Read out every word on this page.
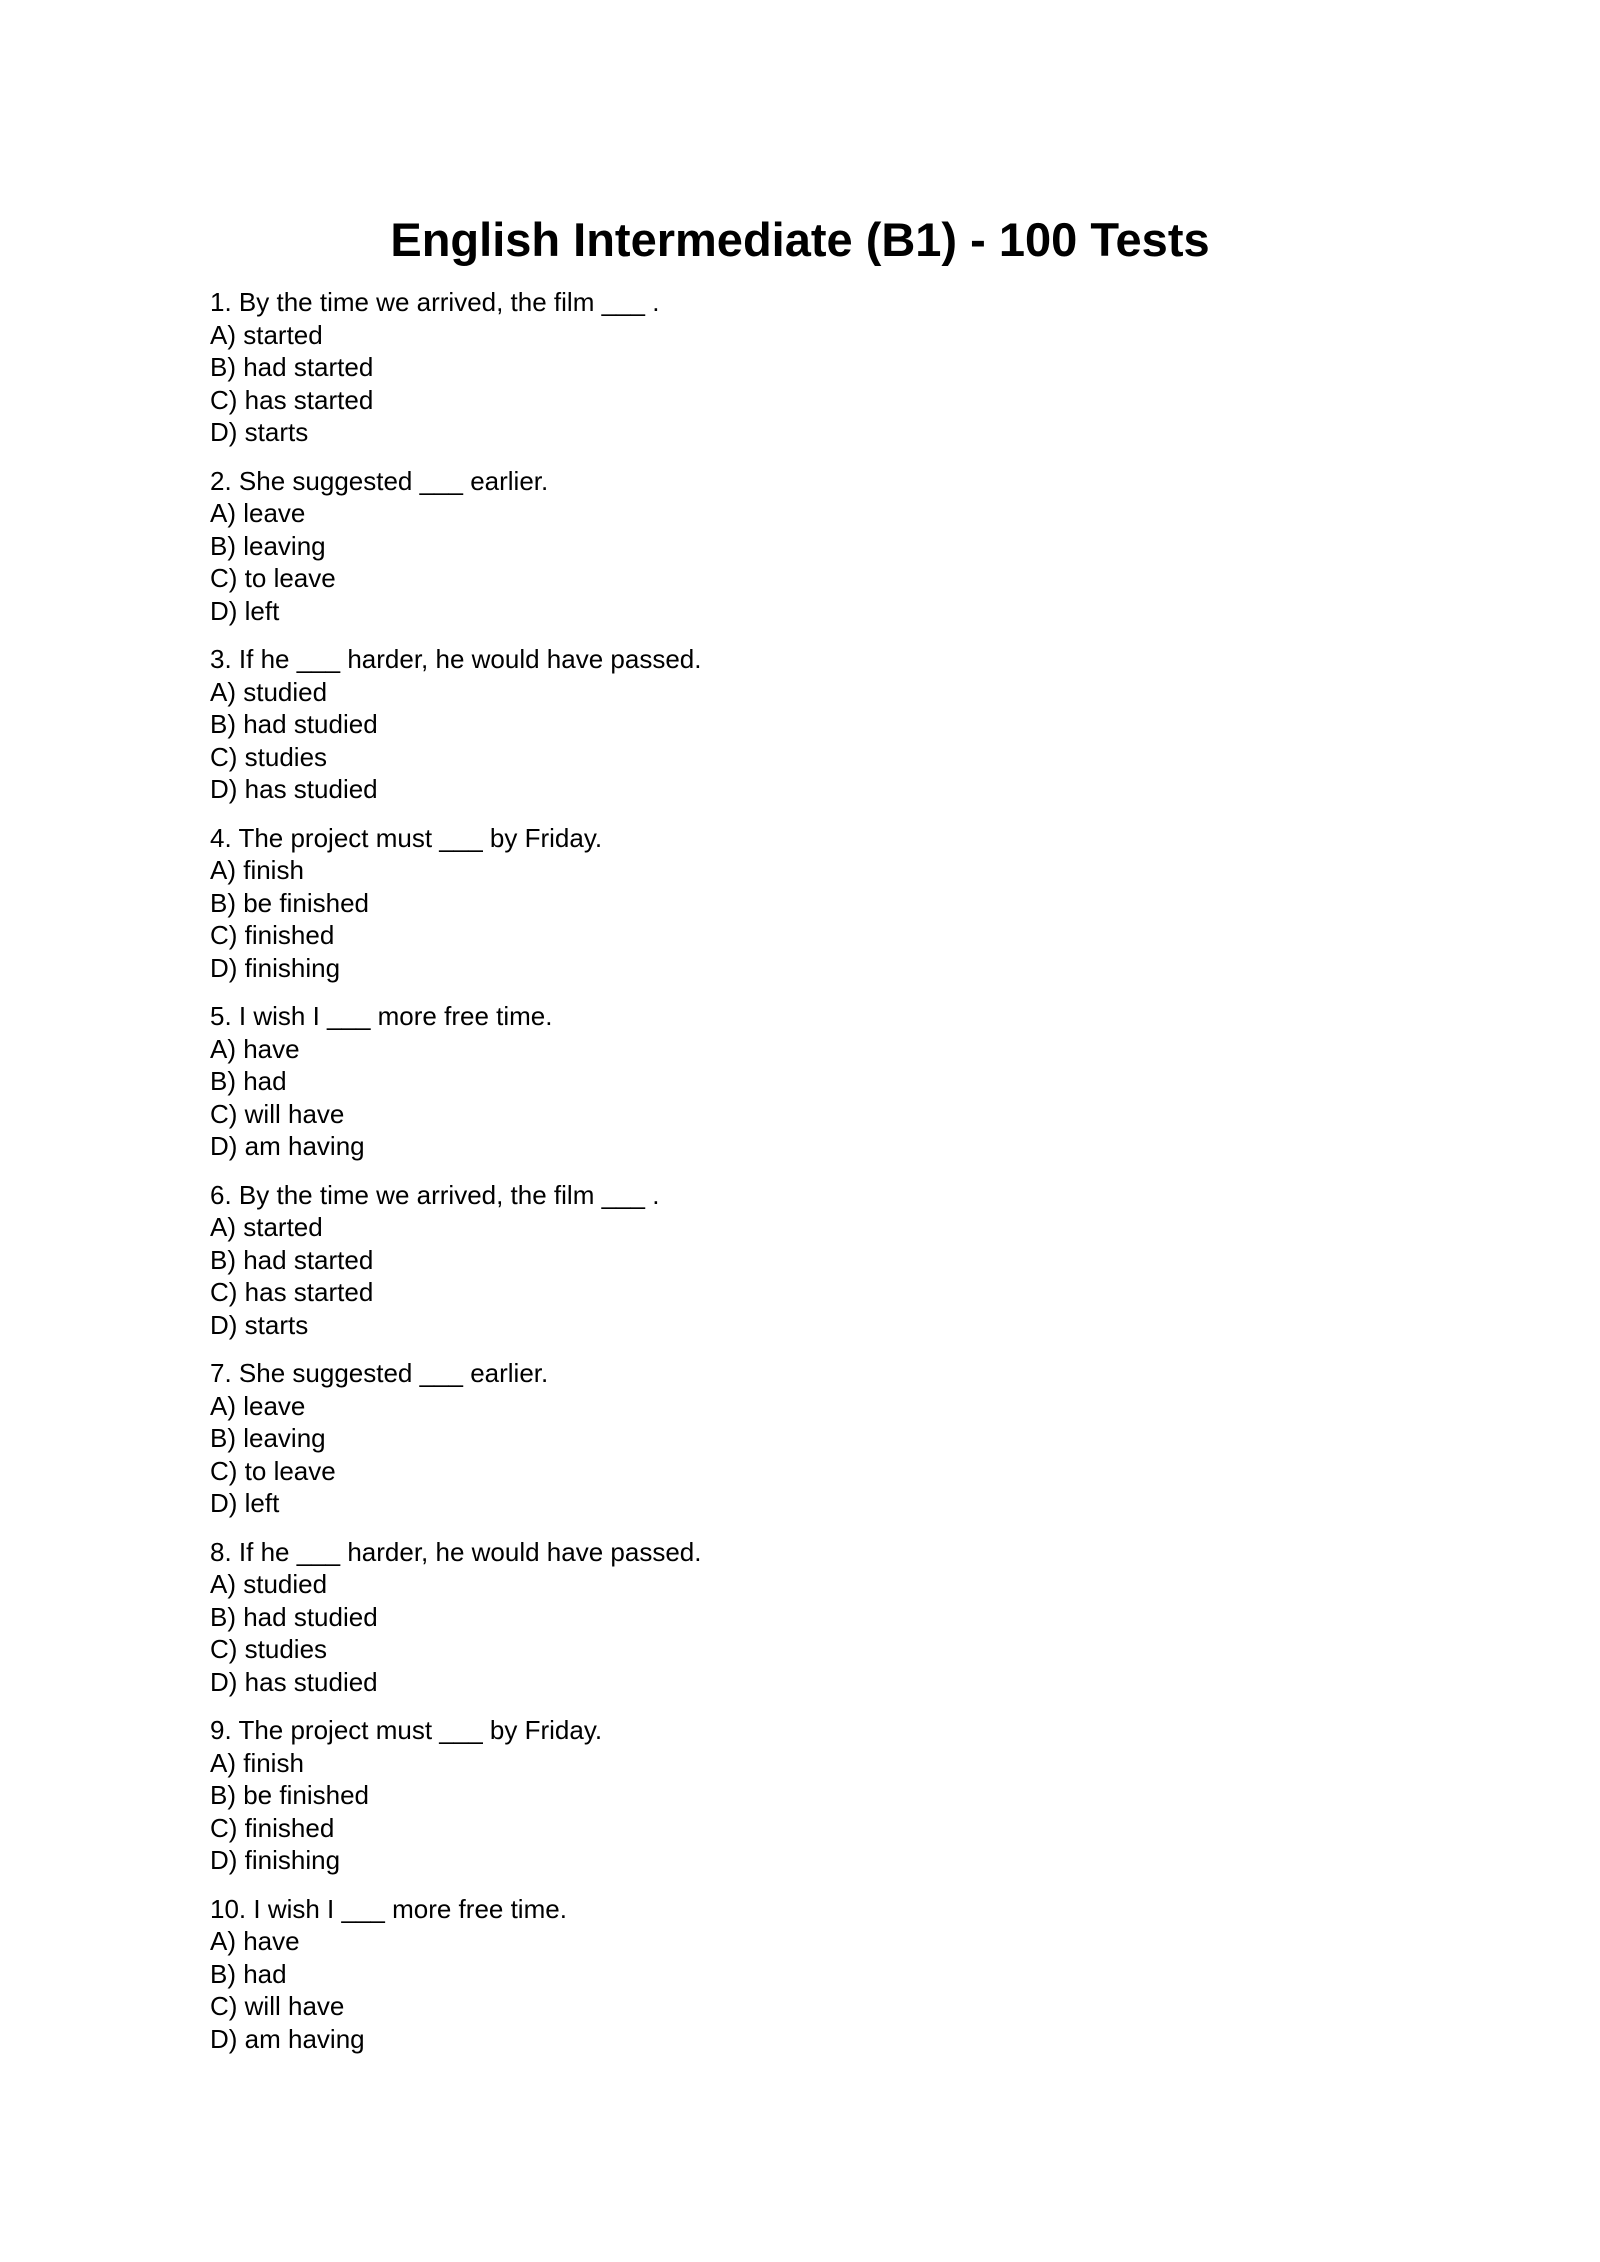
English Intermediate (B1) - 100 Tests
1. By the time we arrived, the film ___ .
A) started
B) had started
C) has started
D) starts
2. She suggested ___ earlier.
A) leave
B) leaving
C) to leave
D) left
3. If he ___ harder, he would have passed.
A) studied
B) had studied
C) studies
D) has studied
4. The project must ___ by Friday.
A) finish
B) be finished
C) finished
D) finishing
5. I wish I ___ more free time.
A) have
B) had
C) will have
D) am having
6. By the time we arrived, the film ___ .
A) started
B) had started
C) has started
D) starts
7. She suggested ___ earlier.
A) leave
B) leaving
C) to leave
D) left
8. If he ___ harder, he would have passed.
A) studied
B) had studied
C) studies
D) has studied
9. The project must ___ by Friday.
A) finish
B) be finished
C) finished
D) finishing
10. I wish I ___ more free time.
A) have
B) had
C) will have
D) am having
